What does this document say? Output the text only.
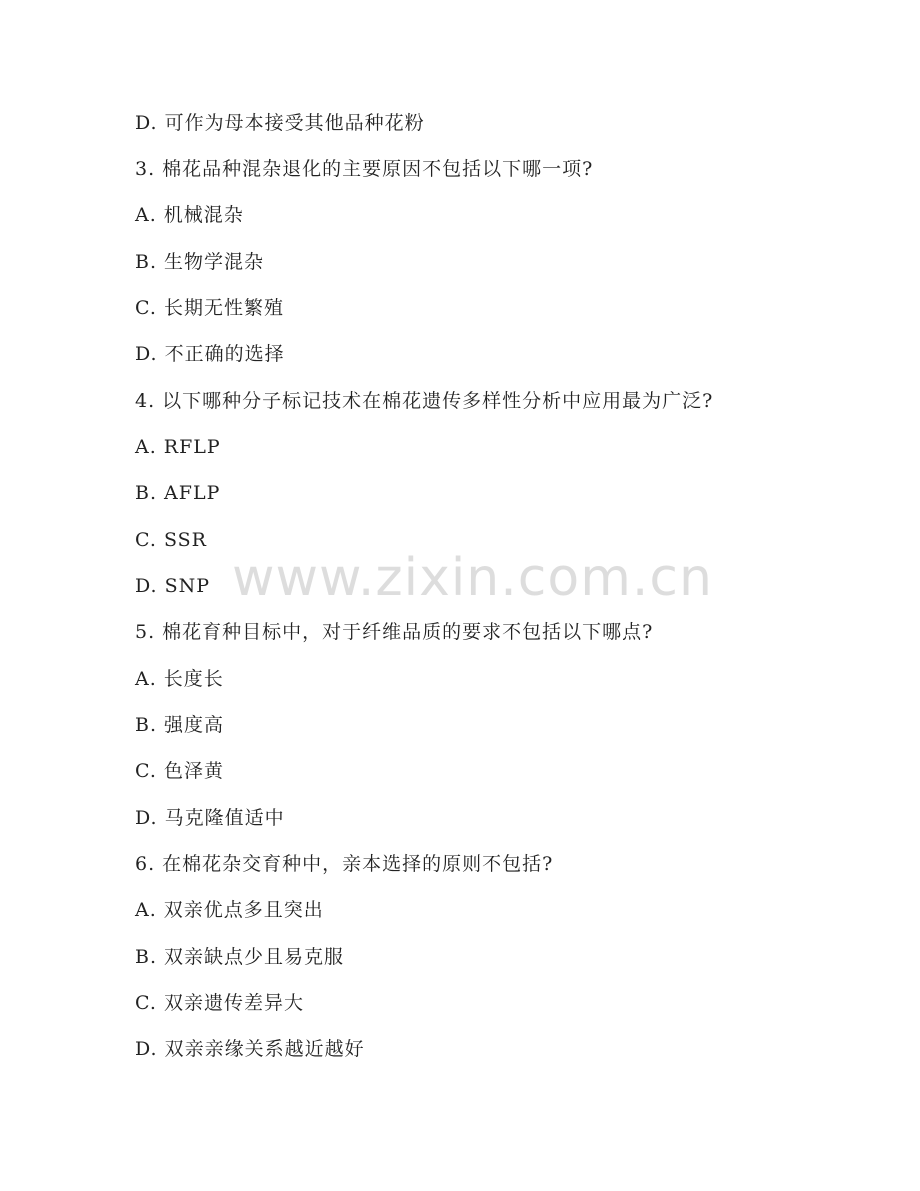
D. 可作为母本接受其他品种花粉
3. 棉花品种混杂退化的主要原因不包括以下哪一项?
A. 机械混杂
B. 生物学混杂
C. 长期无性繁殖
D. 不正确的选择
4. 以下哪种分子标记技术在棉花遗传多样性分析中应用最为广泛?
A. RFLP
B. AFLP
C. SSR
D. SNP
5. 棉花育种目标中，对于纤维品质的要求不包括以下哪点?
A. 长度长
B. 强度高
C. 色泽黄
D. 马克隆值适中
6. 在棉花杂交育种中，亲本选择的原则不包括?
A. 双亲优点多且突出
B. 双亲缺点少且易克服
C. 双亲遗传差异大
D. 双亲亲缘关系越近越好
www.zixin.com.cn
